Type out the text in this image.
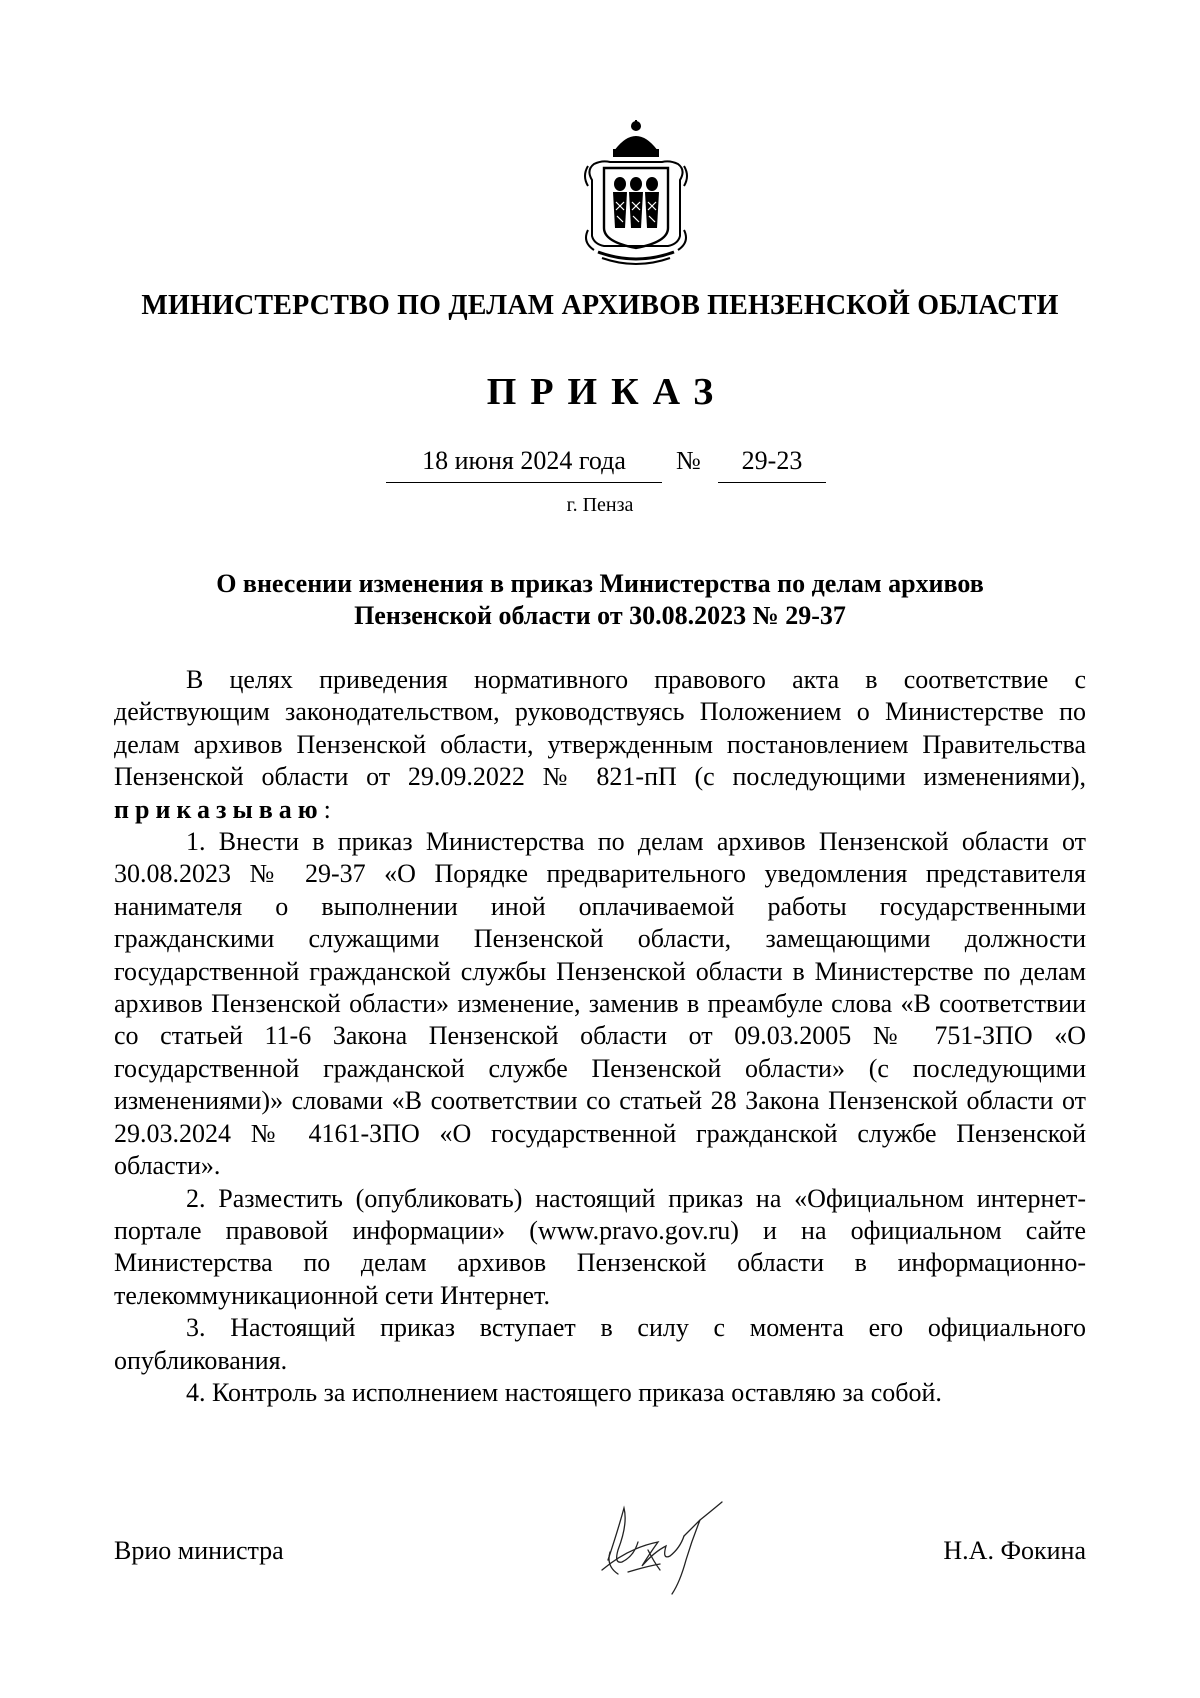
МИНИСТЕРСТВО ПО ДЕЛАМ АРХИВОВ ПЕНЗЕНСКОЙ ОБЛАСТИ
ПРИКАЗ
18 июня 2024 года	№	29-23
г. Пенза
О внесении изменения в приказ Министерства по делам архивов
Пензенской области от 30.08.2023 № 29-37

В целях приведения нормативного правового акта в соответствие с действующим законодательством, руководствуясь Положением о Министерстве по делам архивов Пензенской области, утвержденным постановлением Правительства Пензенской области от 29.09.2022 № 821-пП (с последующими изменениями), приказываю:

1. Внести в приказ Министерства по делам архивов Пензенской области от 30.08.2023 № 29-37 «О Порядке предварительного уведомления представителя нанимателя о выполнении иной оплачиваемой работы государственными гражданскими служащими Пензенской области, замещающими должности государственной гражданской службы Пензенской области в Министерстве по делам архивов Пензенской области» изменение, заменив в преамбуле слова «В соответствии со статьей 11-6 Закона Пензенской области от 09.03.2005 № 751-ЗПО «О государственной гражданской службе Пензенской области» (с последующими изменениями)» словами «В соответствии со статьей 28 Закона Пензенской области от 29.03.2024 № 4161-ЗПО «О государственной гражданской службе Пензенской области».

2. Разместить (опубликовать) настоящий приказ на «Официальном интернет-портале правовой информации» (www.pravo.gov.ru) и на официальном сайте Министерства по делам архивов Пензенской области в информационно-телекоммуникационной сети Интернет.

3. Настоящий приказ вступает в силу с момента его официального опубликования.

4. Контроль за исполнением настоящего приказа оставляю за собой.

Врио министра	Н.А. Фокина
